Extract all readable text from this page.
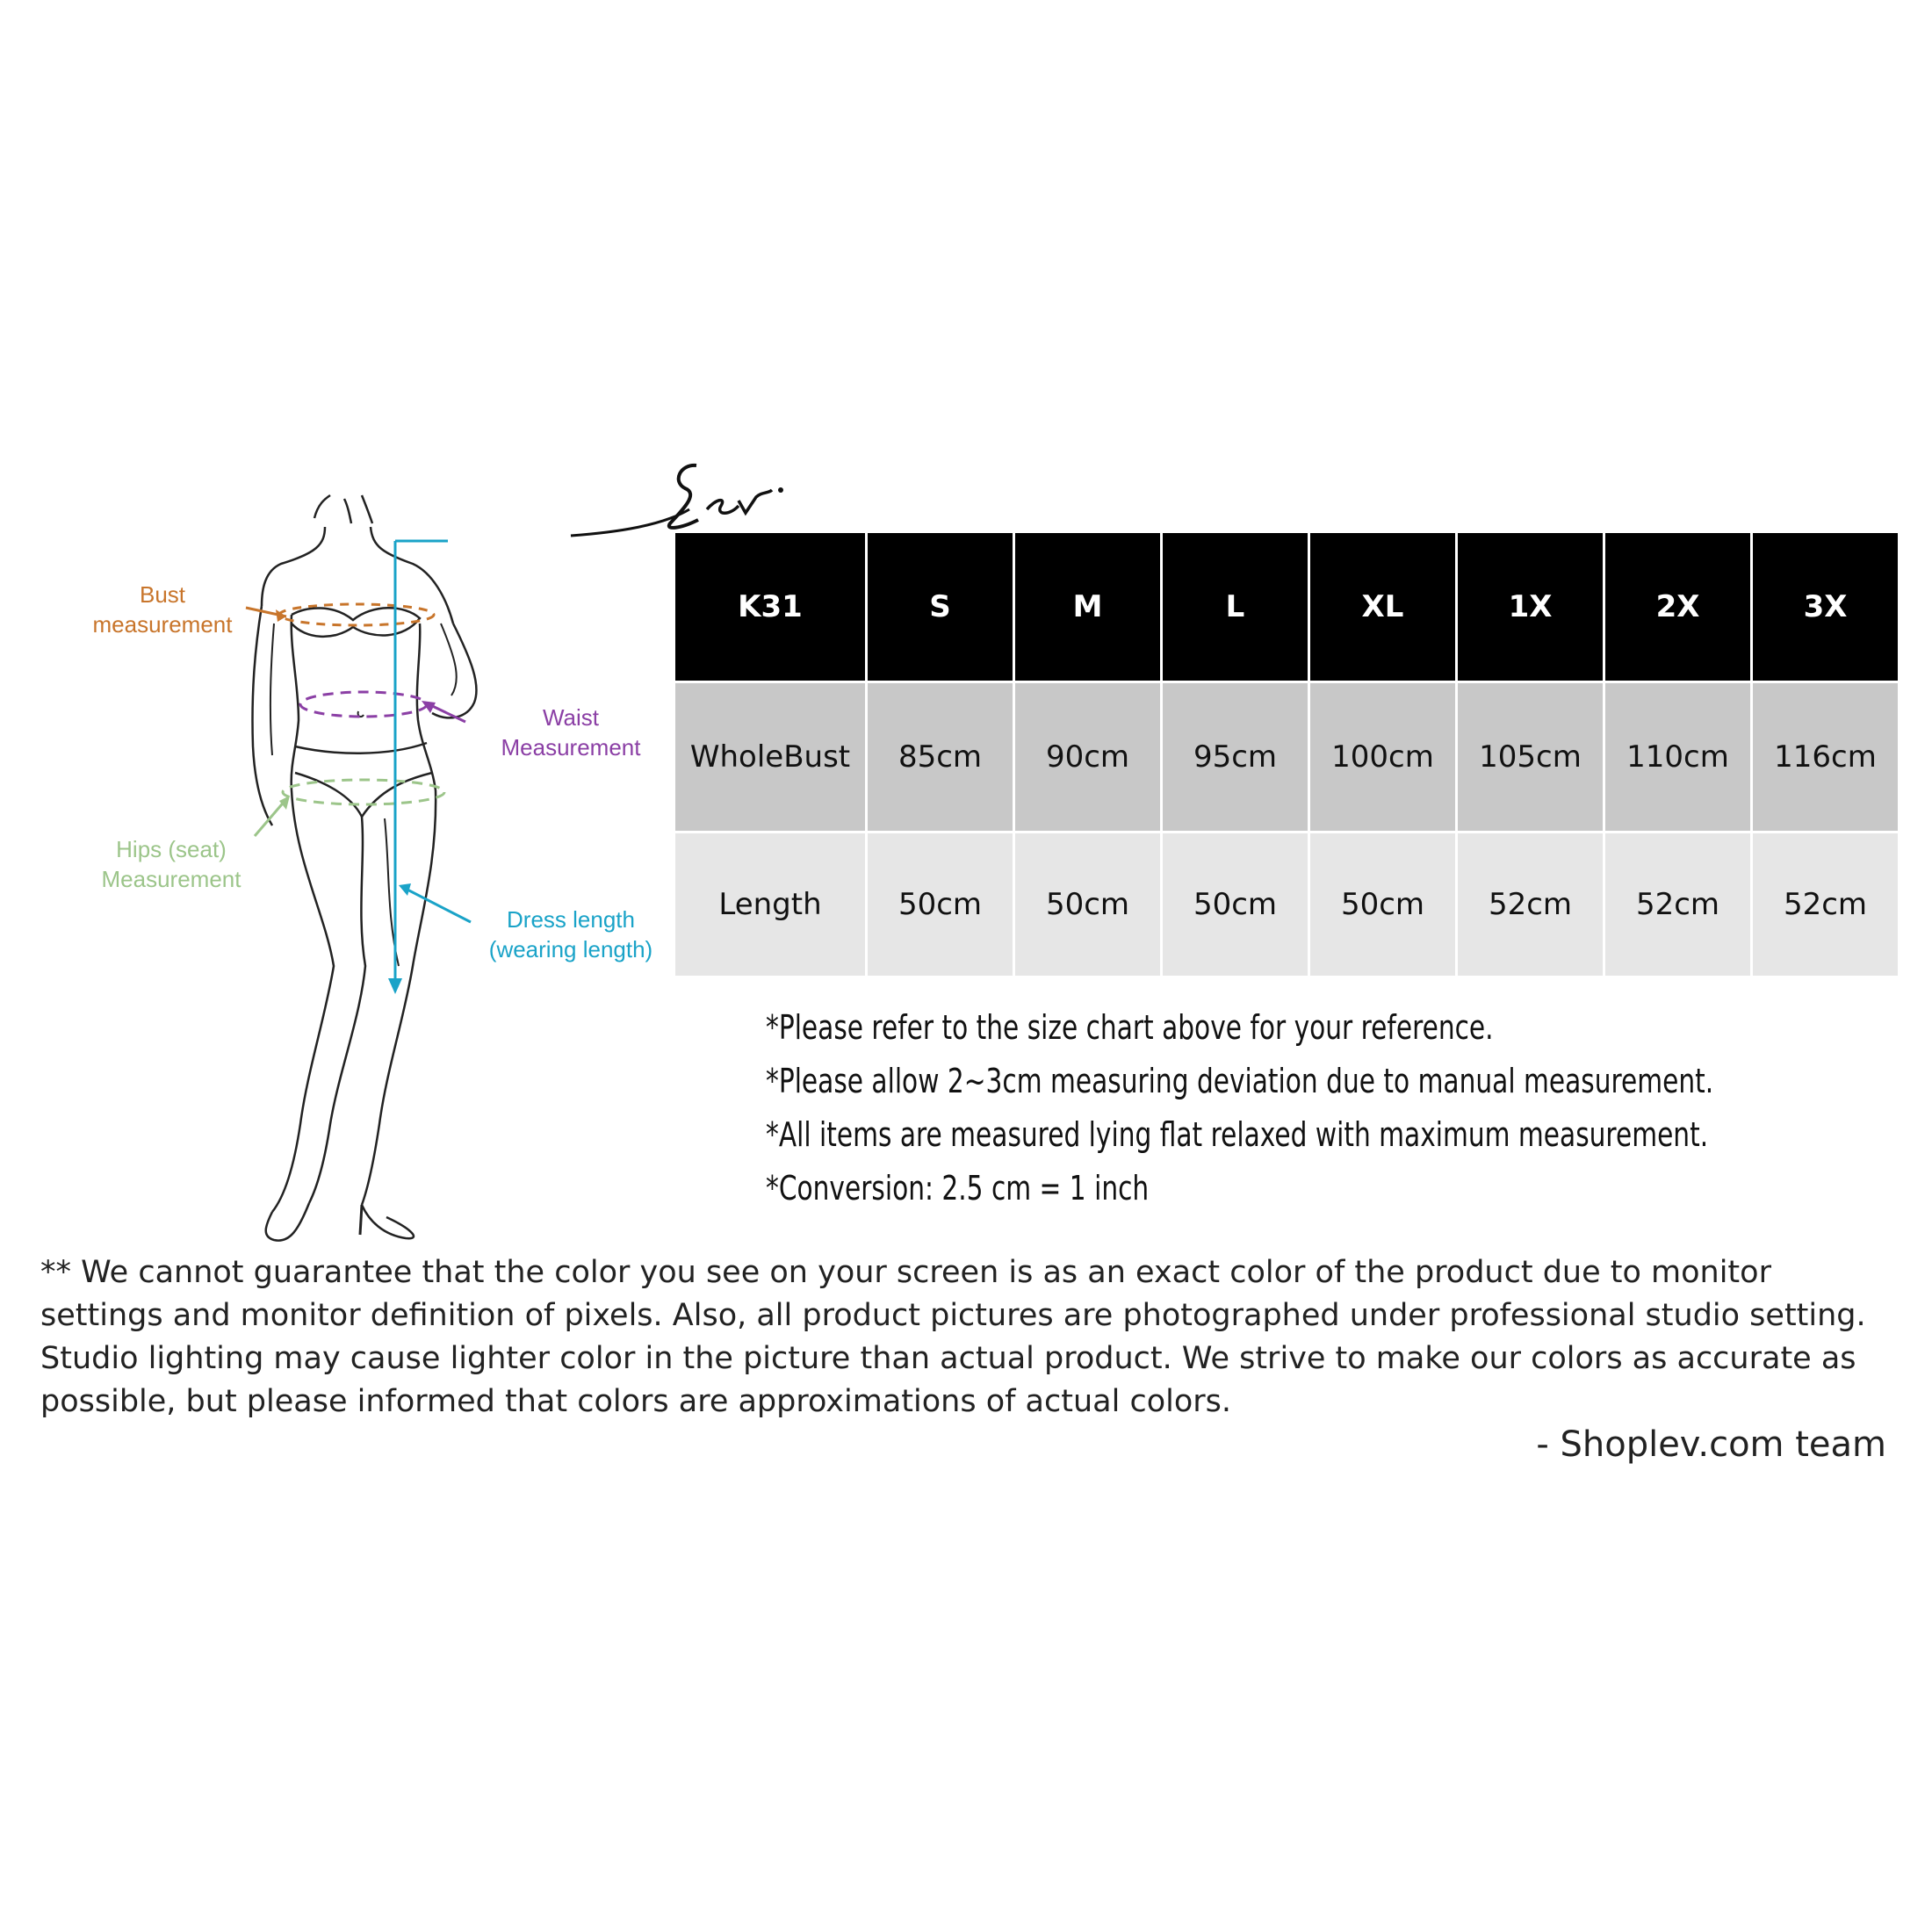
Bust
measurement
Waist
Measurement
Hips (seat)
Measurement
Dress length
(wearing length)
K31	S	M	L	XL	1X	2X	3X
WholeBust	85cm	90cm	95cm	100cm	105cm	110cm	116cm
Length	50cm	50cm	50cm	50cm	52cm	52cm	52cm
*Please refer to the size chart above for your reference.
*Please allow 2~3cm measuring deviation due to manual measurement.
*All items are measured lying flat relaxed with maximum measurement.
*Conversion: 2.5 cm = 1 inch
** We cannot guarantee that the color you see on your screen is as an exact color of the product due to monitor settings and monitor definition of pixels. Also, all product pictures are photographed under professional studio setting. Studio lighting may cause lighter color in the picture than actual product. We strive to make our colors as accurate as possible, but please informed that colors are approximations of actual colors.
- Shoplev.com team
